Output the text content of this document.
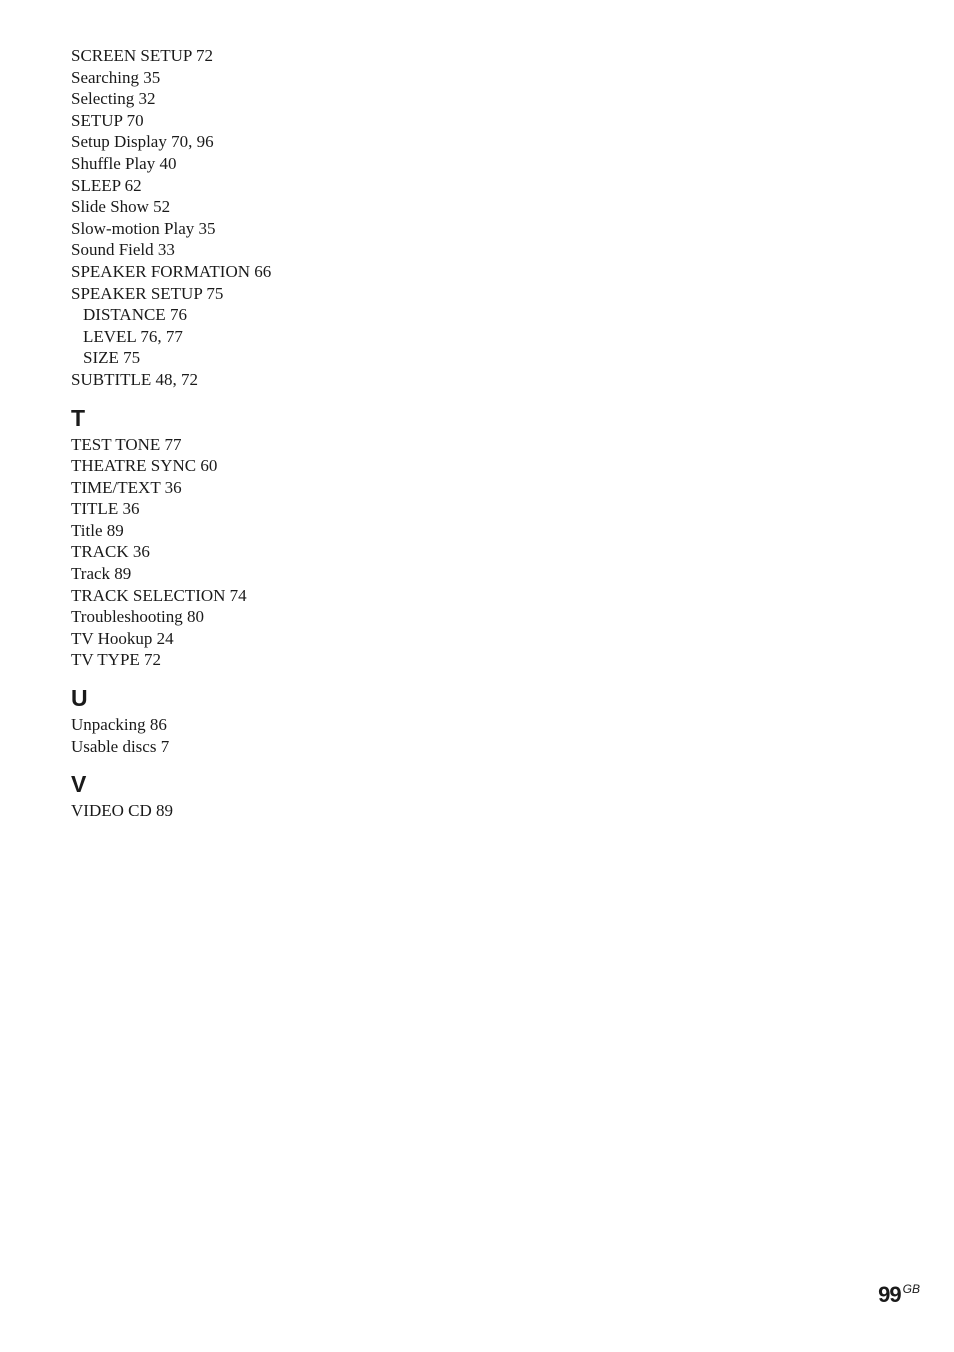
SCREEN SETUP 72
Searching 35
Selecting 32
SETUP 70
Setup Display 70, 96
Shuffle Play 40
SLEEP 62
Slide Show 52
Slow-motion Play 35
Sound Field 33
SPEAKER FORMATION 66
SPEAKER SETUP 75
DISTANCE 76
LEVEL 76, 77
SIZE 75
SUBTITLE 48, 72
T
TEST TONE 77
THEATRE SYNC 60
TIME/TEXT 36
TITLE 36
Title 89
TRACK 36
Track 89
TRACK SELECTION 74
Troubleshooting 80
TV Hookup 24
TV TYPE 72
U
Unpacking 86
Usable discs 7
V
VIDEO CD 89
99 $^{GB}$
